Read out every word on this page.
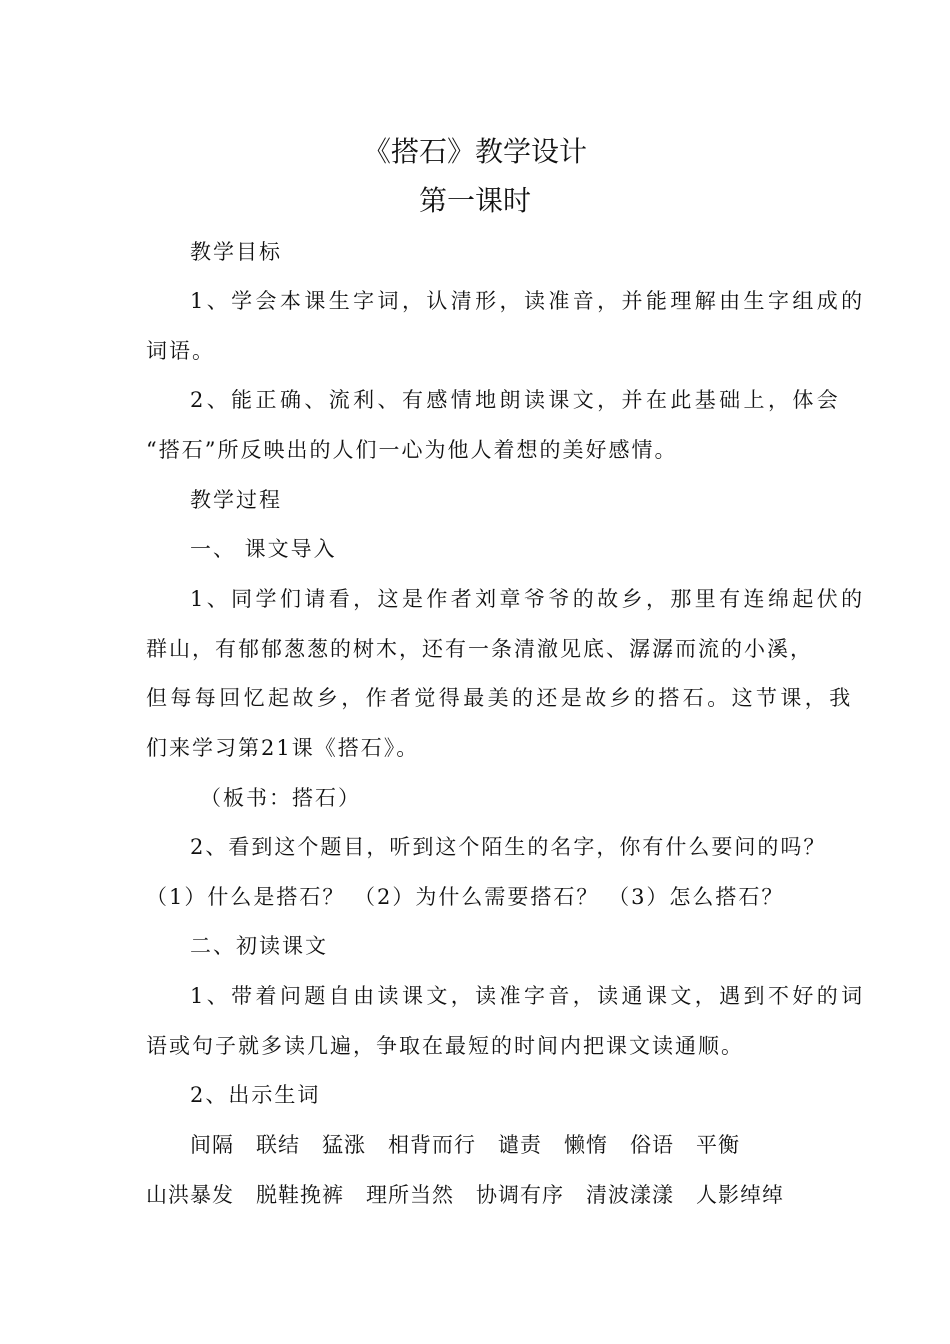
《搭石》教学设计
第一课时
教学目标
1、学会本课生字词，认清形，读准音，并能理解由生字组成的
词语。
2、能正确、流利、有感情地朗读课文，并在此基础上，体会
“搭石”所反映出的人们一心为他人着想的美好感情。
教学过程
一、 课文导入
1、同学们请看，这是作者刘章爷爷的故乡，那里有连绵起伏的
群山，有郁郁葱葱的树木，还有一条清澈见底、潺潺而流的小溪，
但每每回忆起故乡，作者觉得最美的还是故乡的搭石。这节课，我
们来学习第21课《搭石》。
（板书：搭石）
2、看到这个题目，听到这个陌生的名字，你有什么要问的吗？
（1）什么是搭石？ （2）为什么需要搭石？ （3）怎么搭石？
二、初读课文
1、带着问题自由读课文，读准字音，读通课文，遇到不好的词
语或句子就多读几遍，争取在最短的时间内把课文读通顺。
2、出示生词
间隔 联结 猛涨 相背而行 谴责 懒惰 俗语 平衡
山洪暴发 脱鞋挽裤 理所当然 协调有序 清波漾漾 人影绰绰
